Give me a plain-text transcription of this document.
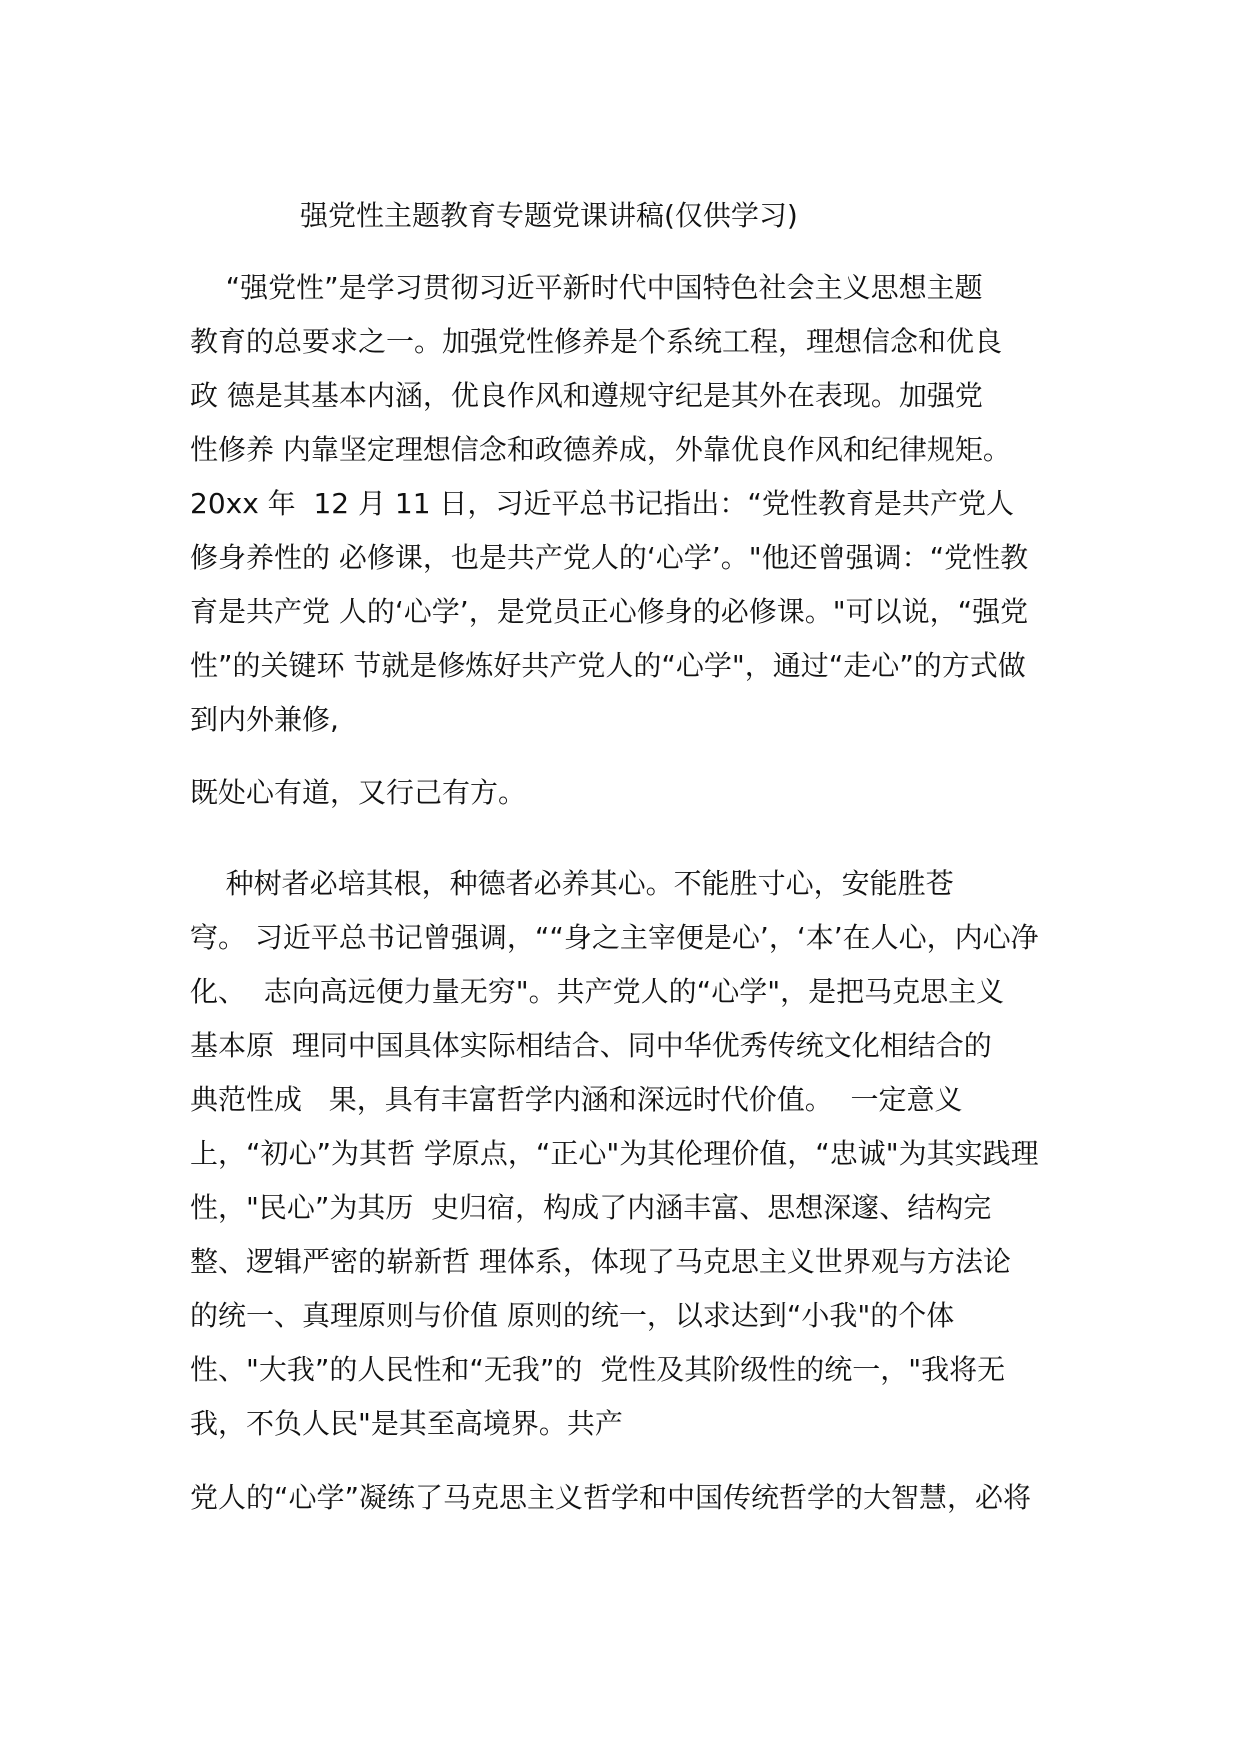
强党性主题教育专题党课讲稿(仅供学习)
“强党性”是学习贯彻习近平新时代中国特色社会主义思想主题
教育的总要求之一。加强党性修养是个系统工程，理想信念和优良
政 德是其基本内涵，优良作风和遵规守纪是其外在表现。加强党
性修养 内靠坚定理想信念和政德养成，外靠优良作风和纪律规矩。
20xx 年  12 月 11 日，习近平总书记指出：“党性教育是共产党人
修身养性的 必修课，也是共产党人的‘心学’。"他还曾强调：“党性教
育是共产党 人的‘心学’，是党员正心修身的必修课。"可以说，“强党
性”的关键环 节就是修炼好共产党人的“心学"，通过“走心”的方式做
到内外兼修,
既处心有道，又行己有方。
种树者必培其根，种德者必养其心。不能胜寸心，安能胜苍
穹。 习近平总书记曾强调，““身之主宰便是心’，‘本’在人心，内心净
化、  志向高远便力量无穷"。共产党人的“心学"，是把马克思主义
基本原  理同中国具体实际相结合、同中华优秀传统文化相结合的
典范性成   果，具有丰富哲学内涵和深远时代价值。  一定意义
上，“初心”为其哲 学原点，“正心"为其伦理价值，“忠诚"为其实践理
性，"民心”为其历  史归宿，构成了内涵丰富、思想深邃、结构完
整、逻辑严密的崭新哲 理体系，体现了马克思主义世界观与方法论
的统一、真理原则与价值 原则的统一，以求达到“小我"的个体
性、"大我”的人民性和“无我”的  党性及其阶级性的统一，"我将无
我，不负人民"是其至高境界。共产
党人的“心学”凝练了马克思主义哲学和中国传统哲学的大智慧，必将
